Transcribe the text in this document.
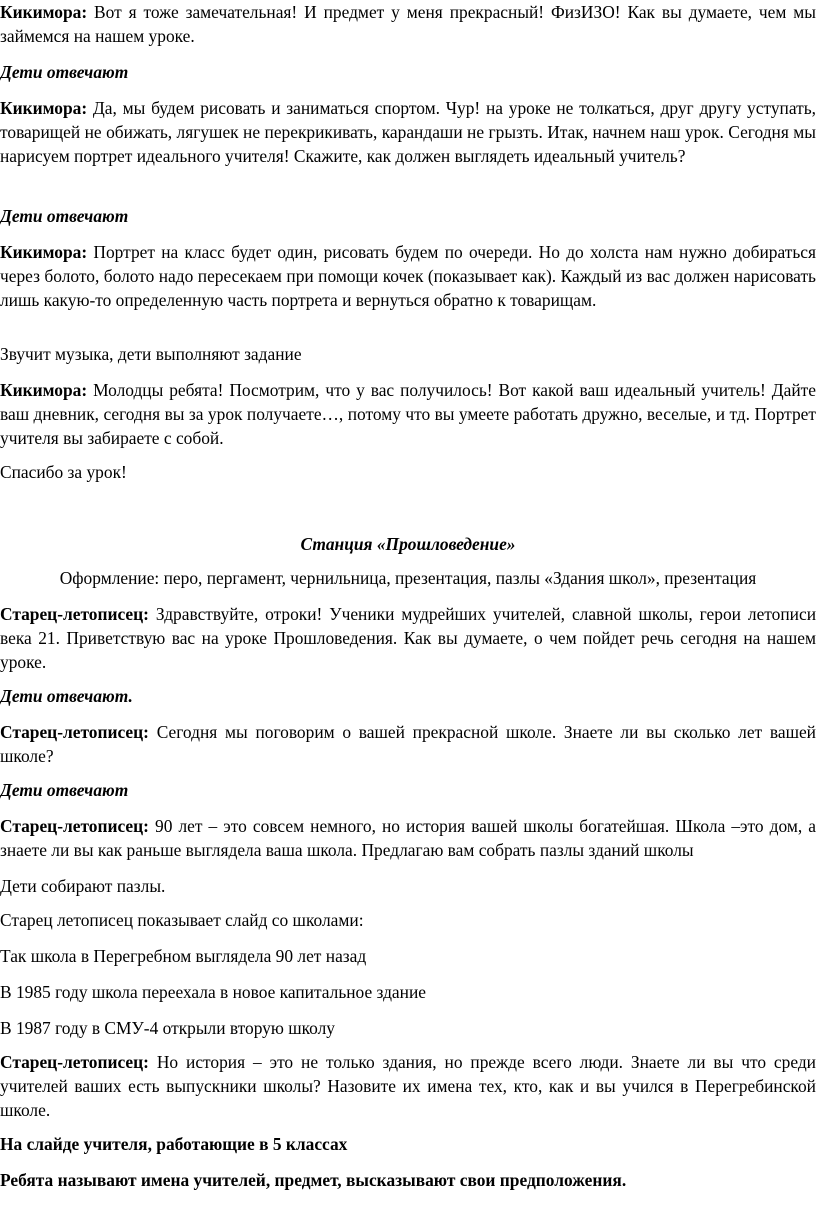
Кикимора: Вот я тоже замечательная! И предмет у меня прекрасный! ФизИЗО! Как вы думаете, чем мы займемся на нашем уроке.

Дети отвечают

Кикимора: Да, мы будем рисовать и заниматься спортом. Чур! на уроке не толкаться, друг другу уступать, товарищей не обижать, лягушек не перекрикивать, карандаши не грызть. Итак, начнем наш урок. Сегодня мы нарисуем портрет идеального учителя! Скажите, как должен выглядеть идеальный учитель?

Дети отвечают

Кикимора: Портрет на класс будет один, рисовать будем по очереди. Но до холста нам нужно добираться через болото, болото надо пересекаем при помощи кочек (показывает как). Каждый из вас должен нарисовать лишь какую-то определенную часть портрета и вернуться обратно к товарищам.

Звучит музыка, дети выполняют задание

Кикимора: Молодцы ребята! Посмотрим, что у вас получилось! Вот какой ваш идеальный учитель! Дайте ваш дневник, сегодня вы за урок получаете…, потому что вы умеете работать дружно, веселые, и тд. Портрет учителя вы забираете с собой.

Спасибо за урок!

Станция «Прошловедение»

Оформление: перо, пергамент, чернильница, презентация, пазлы «Здания школ», презентация

Старец-летописец: Здравствуйте, отроки! Ученики мудрейших учителей, славной школы, герои летописи века 21. Приветствую вас на уроке Прошловедения. Как вы думаете, о чем пойдет речь сегодня на нашем уроке.

Дети отвечают.

Старец-летописец: Сегодня мы поговорим о вашей прекрасной школе. Знаете ли вы сколько лет вашей школе?

Дети отвечают

Старец-летописец: 90 лет – это совсем немного, но история вашей школы богатейшая. Школа –это дом, а знаете ли вы как раньше выглядела ваша школа. Предлагаю вам собрать пазлы зданий школы

Дети собирают пазлы.

Старец летописец показывает слайд со школами:

Так школа в Перегребном выглядела 90 лет назад

В 1985 году школа переехала в новое капитальное здание

В 1987 году в СМУ-4 открыли вторую школу

Старец-летописец: Но история – это не только здания, но прежде всего люди. Знаете ли вы что среди учителей ваших есть выпускники школы? Назовите их имена тех, кто, как и вы учился в Перегребинской школе.

На слайде учителя, работающие в 5 классах

Ребята называют имена учителей, предмет, высказывают свои предположения.
